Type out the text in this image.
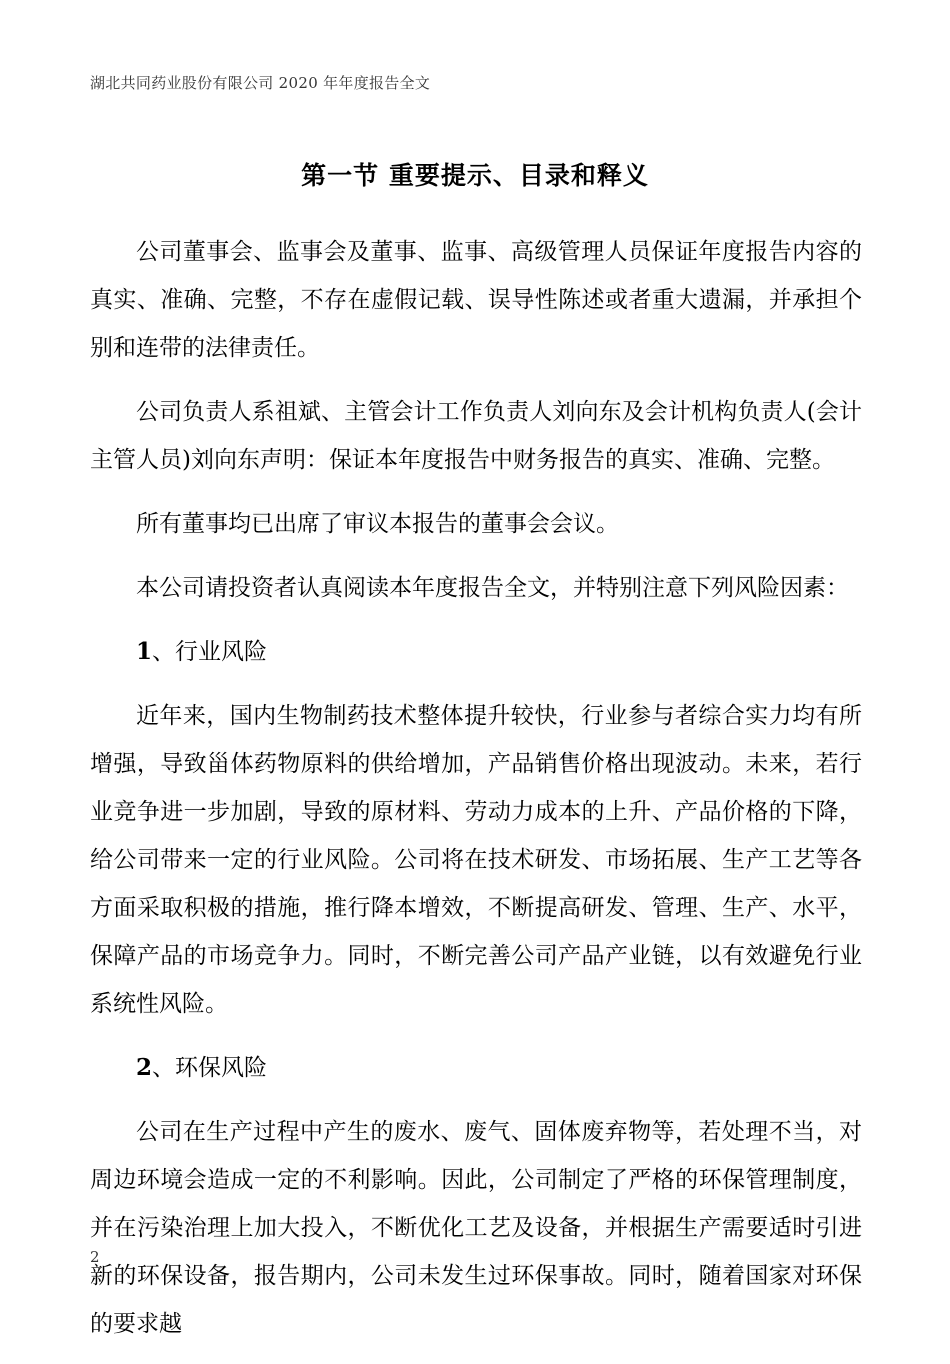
湖北共同药业股份有限公司 2020 年年度报告全文
第一节 重要提示、目录和释义

公司董事会、监事会及董事、监事、高级管理人员保证年度报告内容的真实、准确、完整，不存在虚假记载、误导性陈述或者重大遗漏，并承担个别和连带的法律责任。

公司负责人系祖斌、主管会计工作负责人刘向东及会计机构负责人(会计主管人员)刘向东声明：保证本年度报告中财务报告的真实、准确、完整。

所有董事均已出席了审议本报告的董事会会议。

本公司请投资者认真阅读本年度报告全文，并特别注意下列风险因素：

1、行业风险

近年来，国内生物制药技术整体提升较快，行业参与者综合实力均有所增强，导致甾体药物原料的供给增加，产品销售价格出现波动。未来，若行业竞争进一步加剧，导致的原材料、劳动力成本的上升、产品价格的下降，给公司带来一定的行业风险。公司将在技术研发、市场拓展、生产工艺等各方面采取积极的措施，推行降本增效，不断提高研发、管理、生产、水平，保障产品的市场竞争力。同时，不断完善公司产品产业链，以有效避免行业系统性风险。

2、环保风险

公司在生产过程中产生的废水、废气、固体废弃物等，若处理不当，对周边环境会造成一定的不利影响。因此，公司制定了严格的环保管理制度，并在污染治理上加大投入，不断优化工艺及设备，并根据生产需要适时引进新的环保设备，报告期内，公司未发生过环保事故。同时，随着国家对环保的要求越

2
